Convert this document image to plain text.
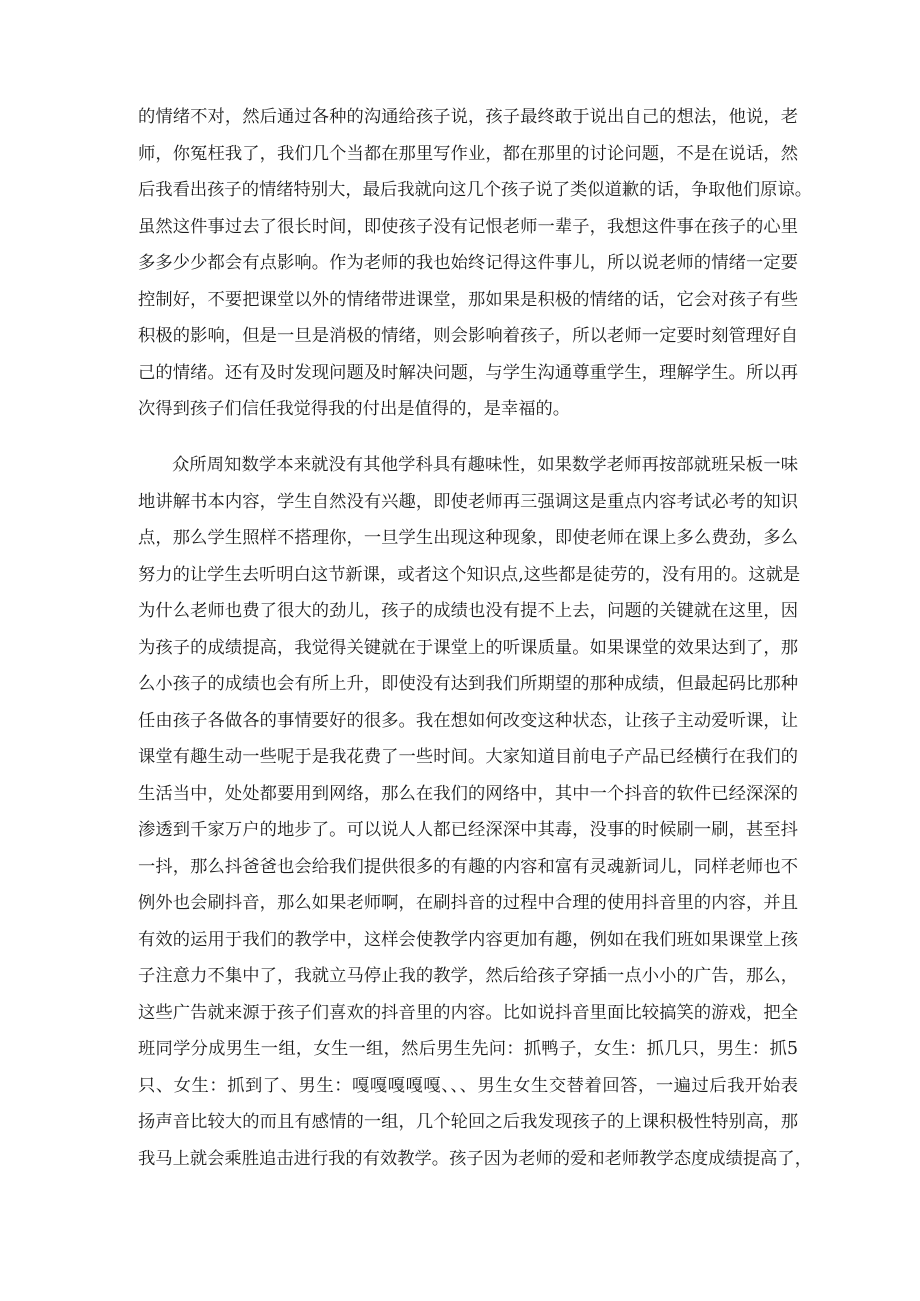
的情绪不对，然后通过各种的沟通给孩子说，孩子最终敢于说出自己的想法，他说，老
师，你冤枉我了，我们几个当都在那里写作业，都在那里的讨论问题，不是在说话，然
后我看出孩子的情绪特别大，最后我就向这几个孩子说了类似道歉的话，争取他们原谅。
虽然这件事过去了很长时间，即使孩子没有记恨老师一辈子，我想这件事在孩子的心里
多多少少都会有点影响。作为老师的我也始终记得这件事儿，所以说老师的情绪一定要
控制好，不要把课堂以外的情绪带进课堂，那如果是积极的情绪的话，它会对孩子有些
积极的影响，但是一旦是消极的情绪，则会影响着孩子，所以老师一定要时刻管理好自
己的情绪。还有及时发现问题及时解决问题，与学生沟通尊重学生，理解学生。所以再
次得到孩子们信任我觉得我的付出是值得的，是幸福的。
众所周知数学本来就没有其他学科具有趣味性，如果数学老师再按部就班呆板一味
地讲解书本内容，学生自然没有兴趣，即使老师再三强调这是重点内容考试必考的知识
点，那么学生照样不搭理你，一旦学生出现这种现象，即使老师在课上多么费劲，多么
努力的让学生去听明白这节新课，或者这个知识点,这些都是徒劳的，没有用的。这就是
为什么老师也费了很大的劲儿，孩子的成绩也没有提不上去，问题的关键就在这里，因
为孩子的成绩提高，我觉得关键就在于课堂上的听课质量。如果课堂的效果达到了，那
么小孩子的成绩也会有所上升，即使没有达到我们所期望的那种成绩，但最起码比那种
任由孩子各做各的事情要好的很多。我在想如何改变这种状态，让孩子主动爱听课，让
课堂有趣生动一些呢于是我花费了一些时间。大家知道目前电子产品已经横行在我们的
生活当中，处处都要用到网络，那么在我们的网络中，其中一个抖音的软件已经深深的
渗透到千家万户的地步了。可以说人人都已经深深中其毒，没事的时候刷一刷，甚至抖
一抖，那么抖爸爸也会给我们提供很多的有趣的内容和富有灵魂新词儿，同样老师也不
例外也会刷抖音，那么如果老师啊，在刷抖音的过程中合理的使用抖音里的内容，并且
有效的运用于我们的教学中，这样会使教学内容更加有趣，例如在我们班如果课堂上孩
子注意力不集中了，我就立马停止我的教学，然后给孩子穿插一点小小的广告，那么，
这些广告就来源于孩子们喜欢的抖音里的内容。比如说抖音里面比较搞笑的游戏，把全
班同学分成男生一组，女生一组，然后男生先问：抓鸭子，女生：抓几只，男生：抓5
只、女生：抓到了、男生：嘎嘎嘎嘎嘎、、、男生女生交替着回答，一遍过后我开始表
扬声音比较大的而且有感情的一组，几个轮回之后我发现孩子的上课积极性特别高，那
我马上就会乘胜追击进行我的有效教学。孩子因为老师的爱和老师教学态度成绩提高了，
